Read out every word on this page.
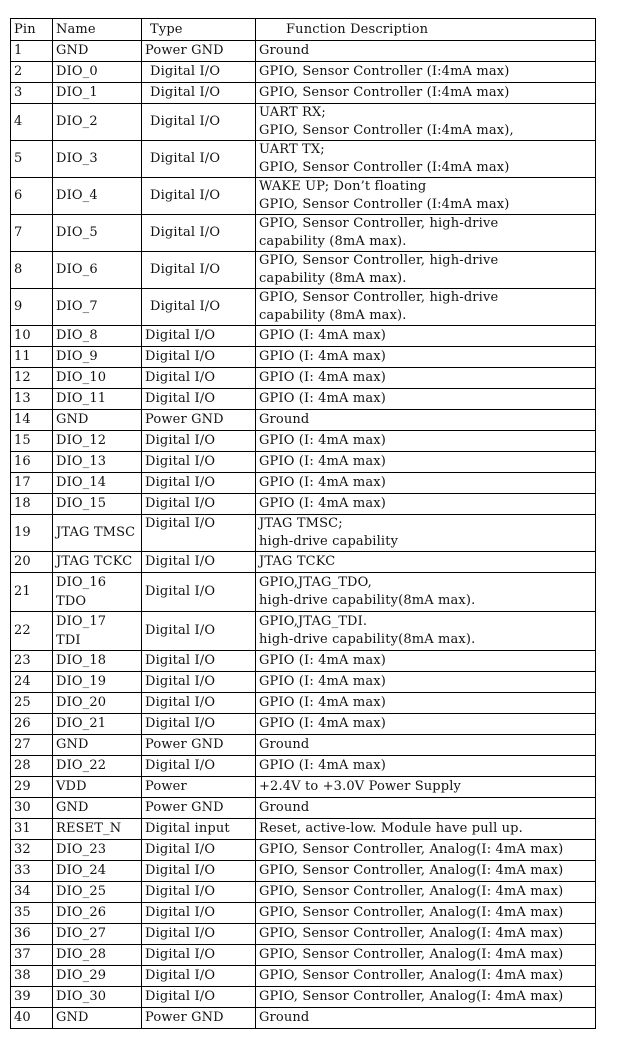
Pin	Name	Type	Function Description
1	GND	Power GND	Ground

2	DIO_0	Digital I/O	GPIO, Sensor Controller (I:4mA max)

3	DIO_1	Digital I/O	GPIO, Sensor Controller (I:4mA max)

4	DIO_2	Digital I/O	UART RX;
GPIO, Sensor Controller (I:4mA max),

5	DIO_3	Digital I/O	UART TX;
GPIO, Sensor Controller (I:4mA max)

6	DIO_4	Digital I/O	WAKE UP; Don’t floating
GPIO, Sensor Controller (I:4mA max)

7	DIO_5	Digital I/O	GPIO, Sensor Controller, high-drive
capability (8mA max).

8	DIO_6	Digital I/O	GPIO, Sensor Controller, high-drive
capability (8mA max).

9	DIO_7	Digital I/O	GPIO, Sensor Controller, high-drive
capability (8mA max).

10	DIO_8	Digital I/O	GPIO (I: 4mA max)

11	DIO_9	Digital I/O	GPIO (I: 4mA max)

12	DIO_10	Digital I/O	GPIO (I: 4mA max)

13	DIO_11	Digital I/O	GPIO (I: 4mA max)

14	GND	Power GND	Ground

15	DIO_12	Digital I/O	GPIO (I: 4mA max)

16	DIO_13	Digital I/O	GPIO (I: 4mA max)

17	DIO_14	Digital I/O	GPIO (I: 4mA max)

18	DIO_15	Digital I/O	GPIO (I: 4mA max)

19	JTAG TMSC	Digital I/O	JTAG TMSC;
high-drive capability

20	JTAG TCKC	Digital I/O	JTAG TCKC

21	DIO_16
TDO	Digital I/O	GPIO,JTAG_TDO,
high-drive capability(8mA max).

22	DIO_17
TDI	Digital I/O	GPIO,JTAG_TDI.
high-drive capability(8mA max).

23	DIO_18	Digital I/O	GPIO (I: 4mA max)

24	DIO_19	Digital I/O	GPIO (I: 4mA max)

25	DIO_20	Digital I/O	GPIO (I: 4mA max)

26	DIO_21	Digital I/O	GPIO (I: 4mA max)

27	GND	Power GND	Ground

28	DIO_22	Digital I/O	GPIO (I: 4mA max)

29	VDD	Power	+2.4V to +3.0V Power Supply

30	GND	Power GND	Ground

31	RESET_N	Digital input	Reset, active-low. Module have pull up.

32	DIO_23	Digital I/O	GPIO, Sensor Controller, Analog(I: 4mA max)

33	DIO_24	Digital I/O	GPIO, Sensor Controller, Analog(I: 4mA max)

34	DIO_25	Digital I/O	GPIO, Sensor Controller, Analog(I: 4mA max)

35	DIO_26	Digital I/O	GPIO, Sensor Controller, Analog(I: 4mA max)

36	DIO_27	Digital I/O	GPIO, Sensor Controller, Analog(I: 4mA max)

37	DIO_28	Digital I/O	GPIO, Sensor Controller, Analog(I: 4mA max)

38	DIO_29	Digital I/O	GPIO, Sensor Controller, Analog(I: 4mA max)

39	DIO_30	Digital I/O	GPIO, Sensor Controller, Analog(I: 4mA max)

40	GND	Power GND	Ground
